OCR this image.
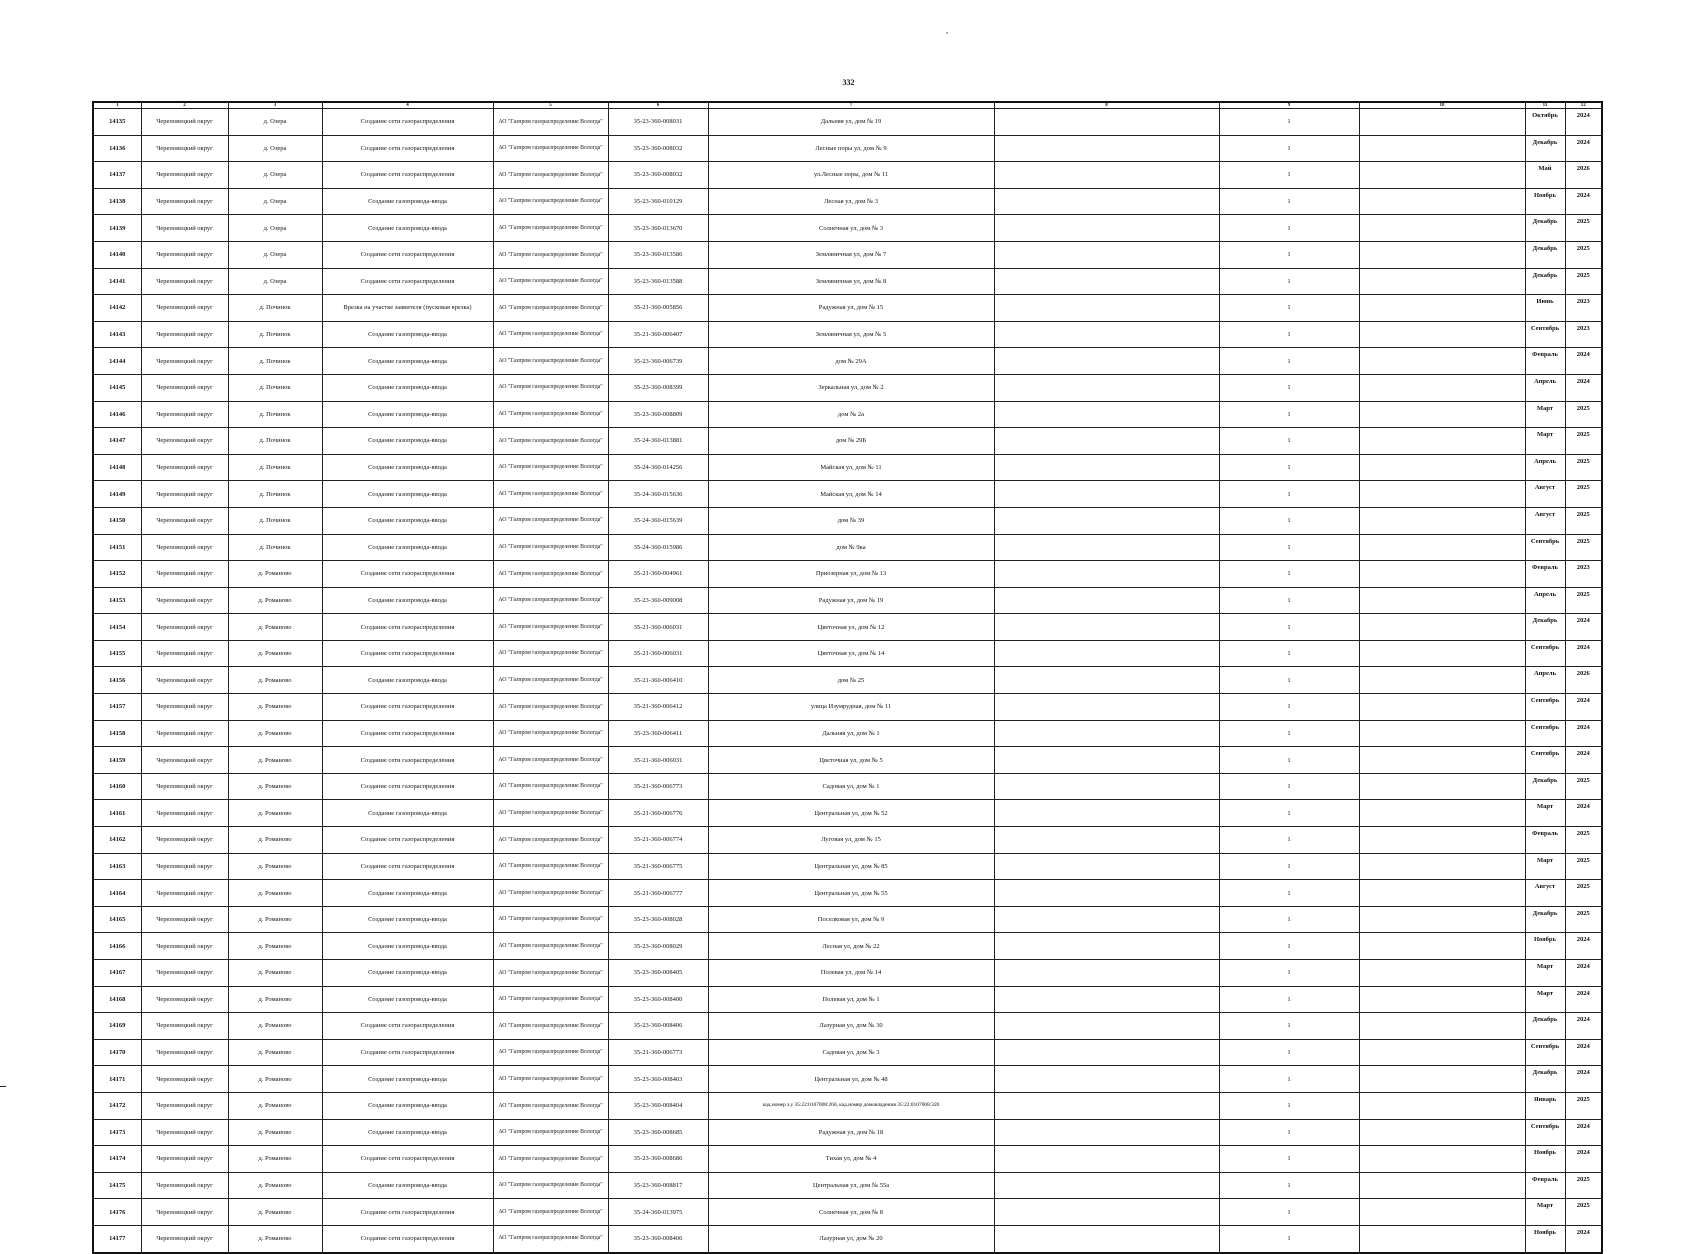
332
1	2	3	4	5	6	7	8	9	10	11	12
14135	Череповецкий округ	д. Озера	Создание сети газораспределения	АО "Газпром газораспределение Вологда"	35-23-360-008031	Дальняя ул, дом № 19		1		Октябрь	2024
14136	Череповецкий округ	д. Озера	Создание сети газораспределения	АО "Газпром газораспределение Вологда"	35-23-360-008032	Лесные поры ул, дом № 9		1		Декабрь	2024
14137	Череповецкий округ	д. Озера	Создание сети газораспределения	АО "Газпром газораспределение Вологда"	35-23-360-008032	ул.Лесные поры, дом № 11		1		Май	2026
14138	Череповецкий округ	д. Озера	Создание газопровода-ввода	АО "Газпром газораспределение Вологда"	35-23-360-010129	Лесная ул, дом № 3		1		Ноябрь	2024
14139	Череповецкий округ	д. Озера	Создание газопровода-ввода	АО "Газпром газораспределение Вологда"	35-23-360-013670	Солнечная ул, дом № 3		1		Декабрь	2025
14140	Череповецкий округ	д. Озера	Создание сети газораспределения	АО "Газпром газораспределение Вологда"	35-23-360-013586	Земляничная ул, дом № 7		1		Декабрь	2025
14141	Череповецкий округ	д. Озера	Создание сети газораспределения	АО "Газпром газораспределение Вологда"	35-23-360-013588	Земляничная ул, дом № 8		1		Декабрь	2025
14142	Череповецкий округ	д. Починок	Врезка на участке заявителя (пусковая врезка)	АО "Газпром газораспределение Вологда"	35-21-360-005856	Радужная ул, дом № 15		1		Июнь	2023
14143	Череповецкий округ	д. Починок	Создание газопровода-ввода	АО "Газпром газораспределение Вологда"	35-21-360-006407	Земляничная ул, дом № 5		1		Сентябрь	2023
14144	Череповецкий округ	д. Починок	Создание газопровода-ввода	АО "Газпром газораспределение Вологда"	35-23-360-006739	дом № 29А		1		Февраль	2024
14145	Череповецкий округ	д. Починок	Создание газопровода-ввода	АО "Газпром газораспределение Вологда"	35-23-360-008399	Зеркальная ул, дом № 2		1		Апрель	2024
14146	Череповецкий округ	д. Починок	Создание газопровода-ввода	АО "Газпром газораспределение Вологда"	35-23-360-008809	дом № 2а		1		Март	2025
14147	Череповецкий округ	д. Починок	Создание газопровода-ввода	АО "Газпром газораспределение Вологда"	35-24-360-013881	дом № 29Б		1		Март	2025
14148	Череповецкий округ	д. Починок	Создание газопровода-ввода	АО "Газпром газораспределение Вологда"	35-24-360-014256	Майская ул, дом № 11		1		Апрель	2025
14149	Череповецкий округ	д. Починок	Создание газопровода-ввода	АО "Газпром газораспределение Вологда"	35-24-360-015636	Майская ул, дом № 14		1		Август	2025
14150	Череповецкий округ	д. Починок	Создание газопровода-ввода	АО "Газпром газораспределение Вологда"	35-24-360-015639	дом № 39		1		Август	2025
14151	Череповецкий округ	д. Починок	Создание газопровода-ввода	АО "Газпром газораспределение Вологда"	35-24-360-015986	дом № 9ка		1		Сентябрь	2025
14152	Череповецкий округ	д. Романово	Создание сети газораспределения	АО "Газпром газораспределение Вологда"	35-21-360-004961	Приозерная ул, дом № 13		1		Февраль	2023
14153	Череповецкий округ	д. Романово	Создание газопровода-ввода	АО "Газпром газораспределение Вологда"	35-23-360-009008	Радужная ул, дом № 19		1		Апрель	2025
14154	Череповецкий округ	д. Романово	Создание сети газораспределения	АО "Газпром газораспределение Вологда"	35-21-360-006031	Цветочная ул, дом № 12		1		Декабрь	2024
14155	Череповецкий округ	д. Романово	Создание сети газораспределения	АО "Газпром газораспределение Вологда"	35-21-360-006031	Цветочная ул, дом № 14		1		Сентябрь	2024
14156	Череповецкий округ	д. Романово	Создание газопровода-ввода	АО "Газпром газораспределение Вологда"	35-21-360-006410	дом № 25		1		Апрель	2026
14157	Череповецкий округ	д. Романово	Создание сети газораспределения	АО "Газпром газораспределение Вологда"	35-21-360-006412	улица Изумрудная, дом № 11		1		Сентябрь	2024
14158	Череповецкий округ	д. Романово	Создание сети газораспределения	АО "Газпром газораспределение Вологда"	35-23-360-006411	Дальняя ул, дом № 1		1		Сентябрь	2024
14159	Череповецкий округ	д. Романово	Создание сети газораспределения	АО "Газпром газораспределение Вологда"	35-21-360-006031	Цветочная ул, дом № 5		1		Сентябрь	2024
14160	Череповецкий округ	д. Романово	Создание сети газораспределения	АО "Газпром газораспределение Вологда"	35-21-360-006773	Садовая ул, дом № 1		1		Декабрь	2025
14161	Череповецкий округ	д. Романово	Создание газопровода-ввода	АО "Газпром газораспределение Вологда"	35-21-360-006776	Центральная ул, дом № 52		1		Март	2024
14162	Череповецкий округ	д. Романово	Создание сети газораспределения	АО "Газпром газораспределение Вологда"	35-21-360-006774	Луговая ул, дом № 15		1		Февраль	2025
14163	Череповецкий округ	д. Романово	Создание сети газораспределения	АО "Газпром газораспределение Вологда"	35-21-360-006775	Центральная ул, дом № 85		1		Март	2025
14164	Череповецкий округ	д. Романово	Создание газопровода-ввода	АО "Газпром газораспределение Вологда"	35-21-360-006777	Центральная ул, дом № 55		1		Август	2025
14165	Череповецкий округ	д. Романово	Создание газопровода-ввода	АО "Газпром газораспределение Вологда"	35-23-360-008028	Поселковая ул, дом № 9		1		Декабрь	2025
14166	Череповецкий округ	д. Романово	Создание газопровода-ввода	АО "Газпром газораспределение Вологда"	35-23-360-008029	Лесная ул, дом № 22		1		Ноябрь	2024
14167	Череповецкий округ	д. Романово	Создание газопровода-ввода	АО "Газпром газораспределение Вологда"	35-23-360-008405	Полевая ул, дом № 14		1		Март	2024
14168	Череповецкий округ	д. Романово	Создание газопровода-ввода	АО "Газпром газораспределение Вологда"	35-23-360-008400	Полевая ул, дом № 1		1		Март	2024
14169	Череповецкий округ	д. Романово	Создание сети газораспределения	АО "Газпром газораспределение Вологда"	35-23-360-008406	Лазурная ул, дом № 30		1		Декабрь	2024
14170	Череповецкий округ	д. Романово	Создание сети газораспределения	АО "Газпром газораспределение Вологда"	35-21-360-006773	Садовая ул, дом № 3		1		Сентябрь	2024
14171	Череповецкий округ	д. Романово	Создание газопровода-ввода	АО "Газпром газораспределение Вологда"	35-23-360-008403	Центральная ул, дом № 48		1		Декабрь	2024
14172	Череповецкий округ	д. Романово	Создание газопровода-ввода	АО "Газпром газораспределение Вологда"	35-23-360-008404	кад.номер з.у 35:22:0107008:260, кад.номер домовладения 35:22:0107008:320		1		Январь	2025
14173	Череповецкий округ	д. Романово	Создание газопровода-ввода	АО "Газпром газораспределение Вологда"	35-23-360-008685	Радужная ул, дом № 18		1		Сентябрь	2024
14174	Череповецкий округ	д. Романово	Создание сети газораспределения	АО "Газпром газораспределение Вологда"	35-23-360-008686	Тихая ул, дом № 4		1		Ноябрь	2024
14175	Череповецкий округ	д. Романово	Создание газопровода-ввода	АО "Газпром газораспределение Вологда"	35-23-360-008817	Центральная ул, дом № 55а		1		Февраль	2025
14176	Череповецкий округ	д. Романово	Создание сети газораспределения	АО "Газпром газораспределение Вологда"	35-24-360-013975	Солнечная ул, дом № 8		1		Март	2025
14177	Череповецкий округ	д. Романово	Создание сети газораспределения	АО "Газпром газораспределение Вологда"	35-23-360-008406	Лазурная ул, дом № 20		1		Ноябрь	2024
